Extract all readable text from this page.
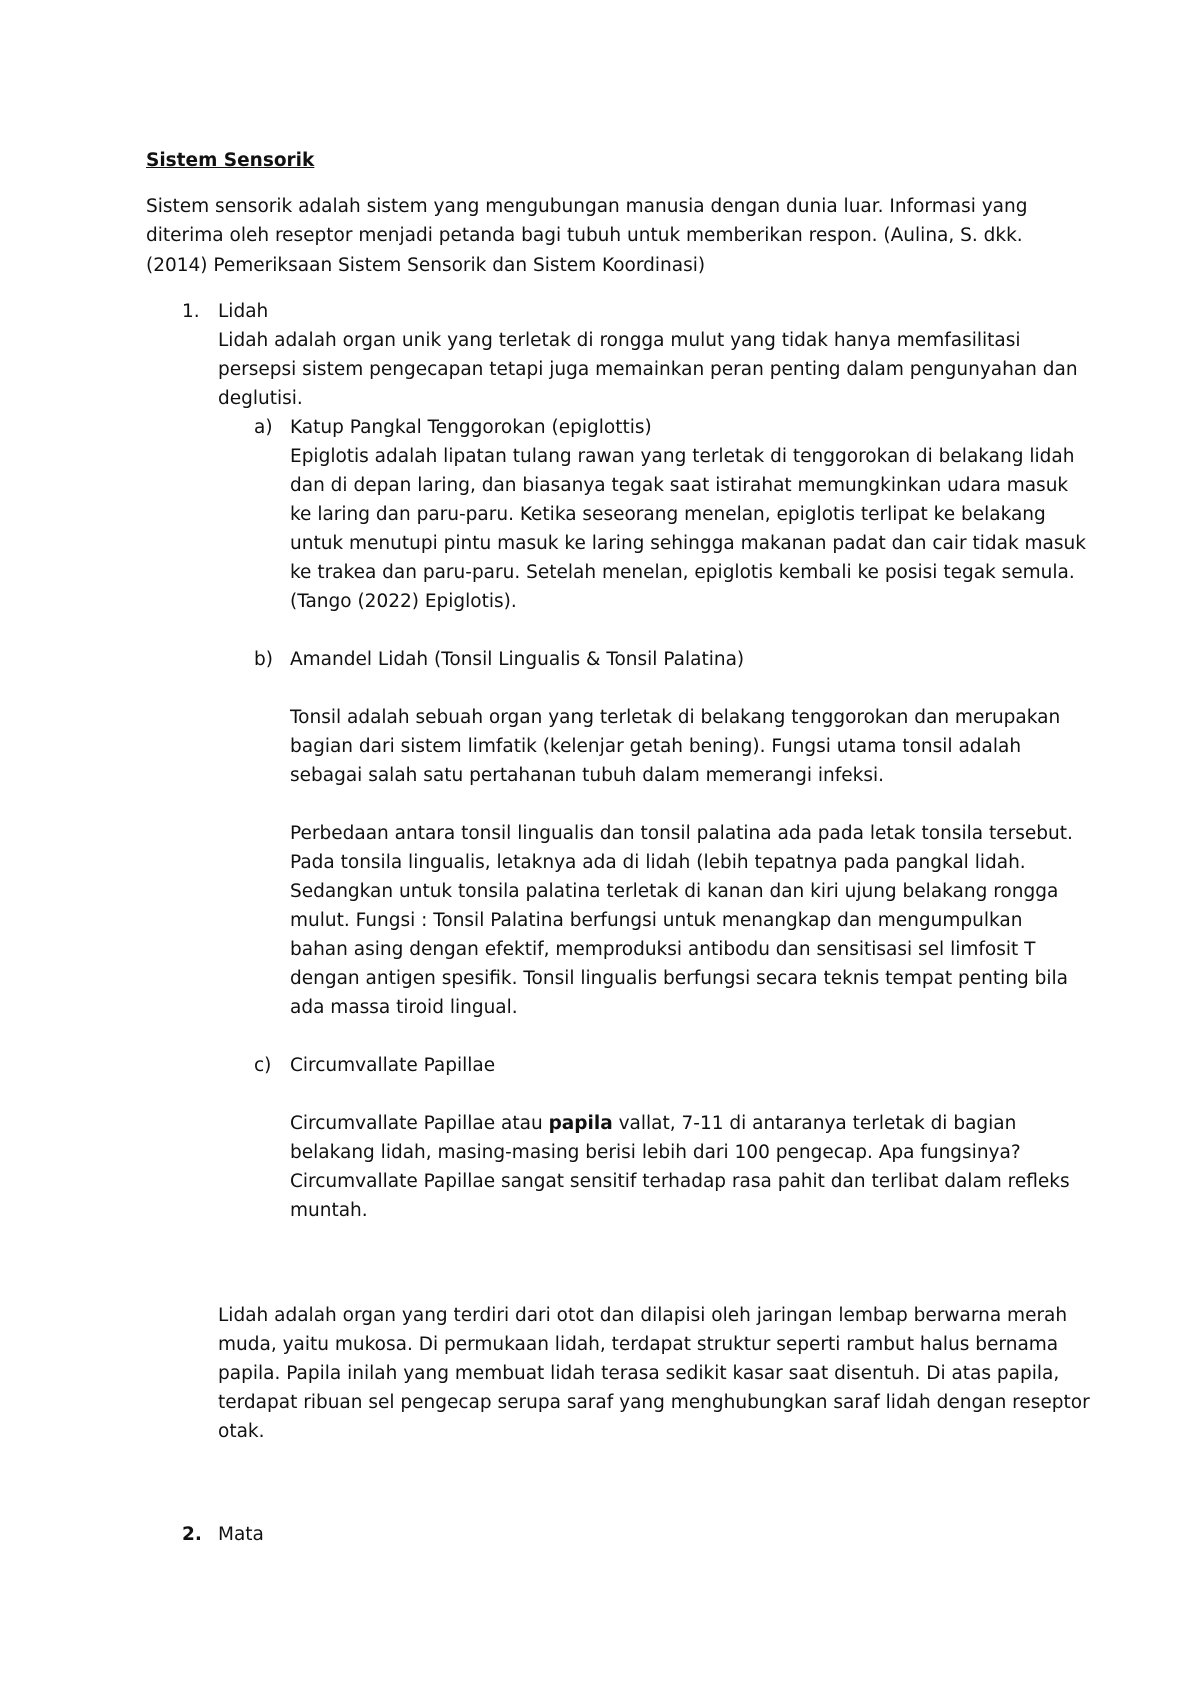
Sistem Sensorik
Sistem sensorik adalah sistem yang mengubungan manusia dengan dunia luar. Informasi yang
diterima oleh reseptor menjadi petanda bagi tubuh untuk memberikan respon. (Aulina, S. dkk.
(2014) Pemeriksaan Sistem Sensorik dan Sistem Koordinasi)
1. Lidah
Lidah adalah organ unik yang terletak di rongga mulut yang tidak hanya memfasilitasi
persepsi sistem pengecapan tetapi juga memainkan peran penting dalam pengunyahan dan
deglutisi.
a) Katup Pangkal Tenggorokan (epiglottis)
Epiglotis adalah lipatan tulang rawan yang terletak di tenggorokan di belakang lidah
dan di depan laring, dan biasanya tegak saat istirahat memungkinkan udara masuk
ke laring dan paru-paru. Ketika seseorang menelan, epiglotis terlipat ke belakang
untuk menutupi pintu masuk ke laring sehingga makanan padat dan cair tidak masuk
ke trakea dan paru-paru. Setelah menelan, epiglotis kembali ke posisi tegak semula.
(Tango (2022) Epiglotis).
b) Amandel Lidah (Tonsil Lingualis & Tonsil Palatina)
Tonsil adalah sebuah organ yang terletak di belakang tenggorokan dan merupakan
bagian dari sistem limfatik (kelenjar getah bening). Fungsi utama tonsil adalah
sebagai salah satu pertahanan tubuh dalam memerangi infeksi.
Perbedaan antara tonsil lingualis dan tonsil palatina ada pada letak tonsila tersebut.
Pada tonsila lingualis, letaknya ada di lidah (lebih tepatnya pada pangkal lidah.
Sedangkan untuk tonsila palatina terletak di kanan dan kiri ujung belakang rongga
mulut. Fungsi : Tonsil Palatina berfungsi untuk menangkap dan mengumpulkan
bahan asing dengan efektif, memproduksi antibodu dan sensitisasi sel limfosit T
dengan antigen spesifik. Tonsil lingualis berfungsi secara teknis tempat penting bila
ada massa tiroid lingual.
c) Circumvallate Papillae
Circumvallate Papillae atau papila vallat, 7-11 di antaranya terletak di bagian
belakang lidah, masing-masing berisi lebih dari 100 pengecap. Apa fungsinya?
Circumvallate Papillae sangat sensitif terhadap rasa pahit dan terlibat dalam refleks
muntah.
Lidah adalah organ yang terdiri dari otot dan dilapisi oleh jaringan lembap berwarna merah
muda, yaitu mukosa. Di permukaan lidah, terdapat struktur seperti rambut halus bernama
papila. Papila inilah yang membuat lidah terasa sedikit kasar saat disentuh. Di atas papila,
terdapat ribuan sel pengecap serupa saraf yang menghubungkan saraf lidah dengan reseptor
otak.
2. Mata
